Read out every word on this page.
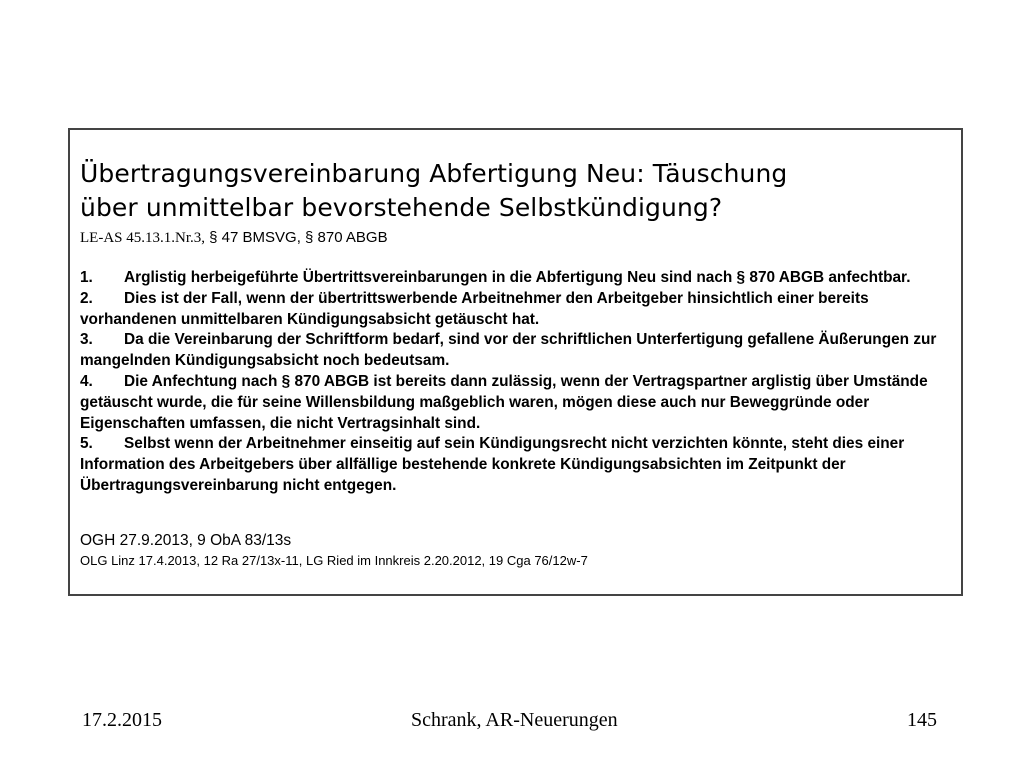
Übertragungsvereinbarung Abfertigung Neu: Täuschung
über unmittelbar bevorstehende Selbstkündigung?
LE-AS 45.13.1.Nr.3, § 47 BMSVG, § 870 ABGB
1. Arglistig herbeigeführte Übertrittsvereinbarungen in die Abfertigung Neu sind nach § 870 ABGB anfechtbar.
2. Dies ist der Fall, wenn der übertrittswerbende Arbeitnehmer den Arbeitgeber hinsichtlich einer bereits vorhandenen unmittelbaren Kündigungsabsicht getäuscht hat.
3. Da die Vereinbarung der Schriftform bedarf, sind vor der schriftlichen Unterfertigung gefallene Äußerungen zur mangelnden Kündigungsabsicht noch bedeutsam.
4. Die Anfechtung nach § 870 ABGB ist bereits dann zulässig, wenn der Vertragspartner arglistig über Umstände getäuscht wurde, die für seine Willensbildung maßgeblich waren, mögen diese auch nur Beweggründe oder Eigenschaften umfassen, die nicht Vertragsinhalt sind.
5. Selbst wenn der Arbeitnehmer einseitig auf sein Kündigungsrecht nicht verzichten könnte, steht dies einer Information des Arbeitgebers über allfällige bestehende konkrete Kündigungsabsichten im Zeitpunkt der Übertragungsvereinbarung nicht entgegen.
OGH 27.9.2013, 9 ObA 83/13s
OLG Linz 17.4.2013, 12 Ra 27/13x-11, LG Ried im Innkreis 2.20.2012, 19 Cga 76/12w-7
17.2.2015	Schrank, AR-Neuerungen	145
